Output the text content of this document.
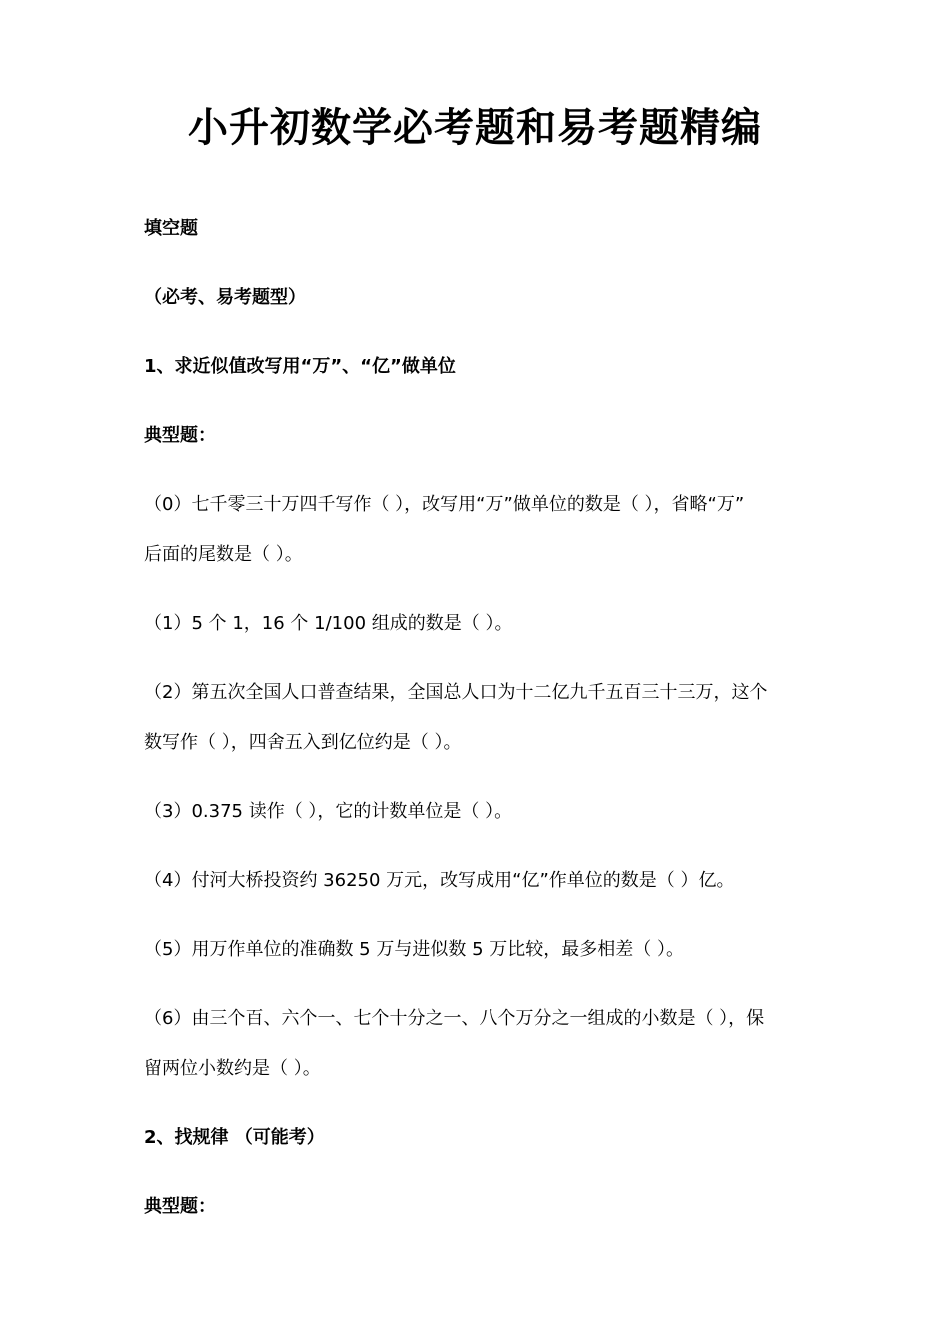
小升初数学必考题和易考题精编
填空题
（必考、易考题型）
1、求近似值改写用“万”、“亿”做单位
典型题：
（0）七千零三十万四千写作（ ），改写用“万”做单位的数是（ ），省略“万”
后面的尾数是（ ）。
（1）5 个 1，16 个 1/100 组成的数是（ ）。
（2）第五次全国人口普查结果，全国总人口为十二亿九千五百三十三万，这个
数写作（ ），四舍五入到亿位约是（ ）。
（3）0.375 读作（ ），它的计数单位是（ ）。
（4）付河大桥投资约 36250 万元，改写成用“亿”作单位的数是（ ）亿。
（5）用万作单位的准确数 5 万与进似数 5 万比较，最多相差（ ）。
（6）由三个百、六个一、七个十分之一、八个万分之一组成的小数是（ ），保
留两位小数约是（ ）。
2、找规律 （可能考）
典型题：
